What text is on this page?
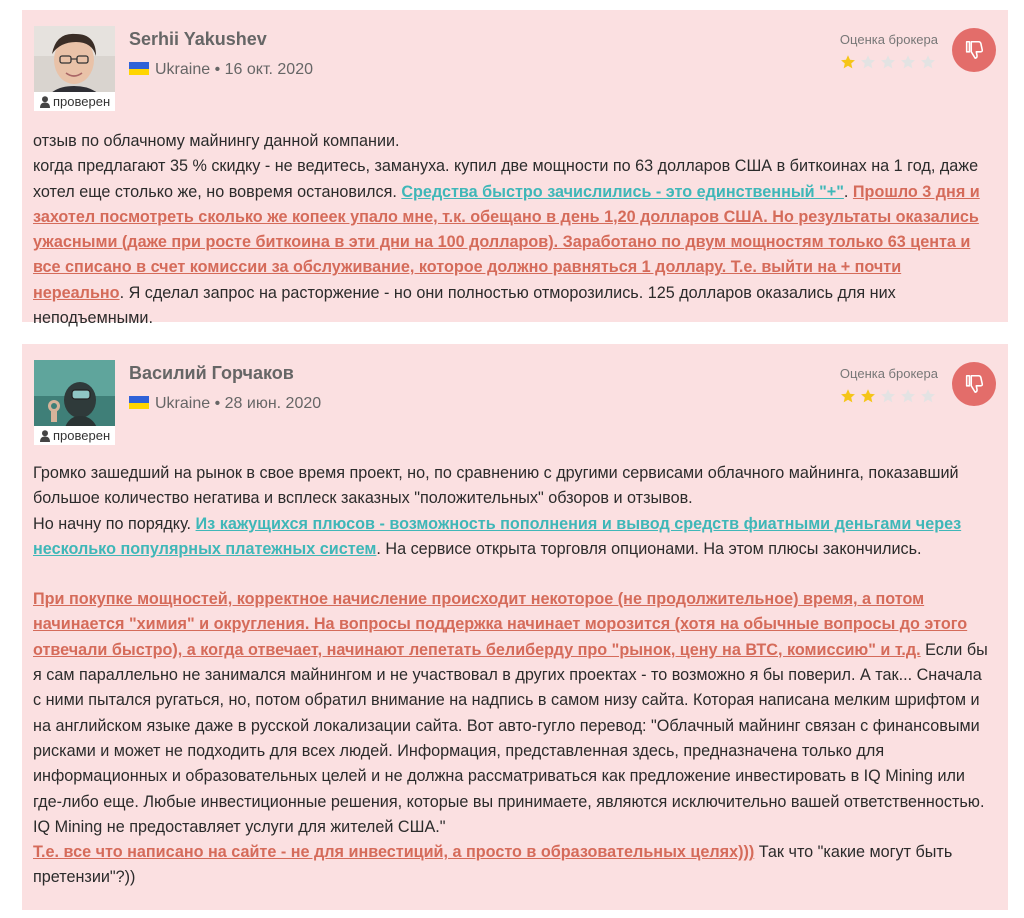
проверен
Serhii Yakushev
Ukraine • 16 окт. 2020
Оценка брокера
отзыв по облачному майнингу данной компании.
когда предлагают 35 % скидку - не ведитесь, замануха. купил две мощности по 63 долларов США в биткоинах на 1 год, даже хотел еще столько же, но вовремя остановился. Средства быстро зачислились - это единственный "+". Прошло 3 дня и захотел посмотреть сколько же копеек упало мне, т.к. обещано в день 1,20 долларов США. Но результаты оказались ужасными (даже при росте биткоина в эти дни на 100 долларов). Заработано по двум мощностям только 63 цента и все списано в счет комиссии за обслуживание, которое должно равняться 1 доллару. Т.е. выйти на + почти нереально. Я сделал запрос на расторжение - но они полностью отморозились. 125 долларов оказались для них неподъемными.
проверен
Василий Горчаков
Ukraine • 28 июн. 2020
Оценка брокера
Громко зашедший на рынок в свое время проект, но, по сравнению с другими сервисами облачного майнинга, показавший большое количество негатива и всплеск заказных "положительных" обзоров и отзывов.
Но начну по порядку. Из кажущихся плюсов - возможность пополнения и вывод средств фиатными деньгами через несколько популярных платежных систем. На сервисе открыта торговля опционами. На этом плюсы закончились.
При покупке мощностей, корректное начисление происходит некоторое (не продолжительное) время, а потом начинается "химия" и округления. На вопросы поддержка начинает морозится (хотя на обычные вопросы до этого отвечали быстро), а когда отвечает, начинают лепетать белиберду про "рынок, цену на ВТС, комиссию" и т.д. Если бы я сам параллельно не занимался майнингом и не участвовал в других проектах - то возможно я бы поверил. А так... Сначала с ними пытался ругаться, но, потом обратил внимание на надпись в самом низу сайта. Которая написана мелким шрифтом и на английском языке даже в русской локализации сайта. Вот авто-гугло перевод: "Облачный майнинг связан с финансовыми рисками и может не подходить для всех людей. Информация, представленная здесь, предназначена только для информационных и образовательных целей и не должна рассматриваться как предложение инвестировать в IQ Mining или где-либо еще. Любые инвестиционные решения, которые вы принимаете, являются исключительно вашей ответственностью. IQ Mining не предоставляет услуги для жителей США."
Т.е. все что написано на сайте - не для инвестиций, а просто в образовательных целях))) Так что "какие могут быть претензии"?))
